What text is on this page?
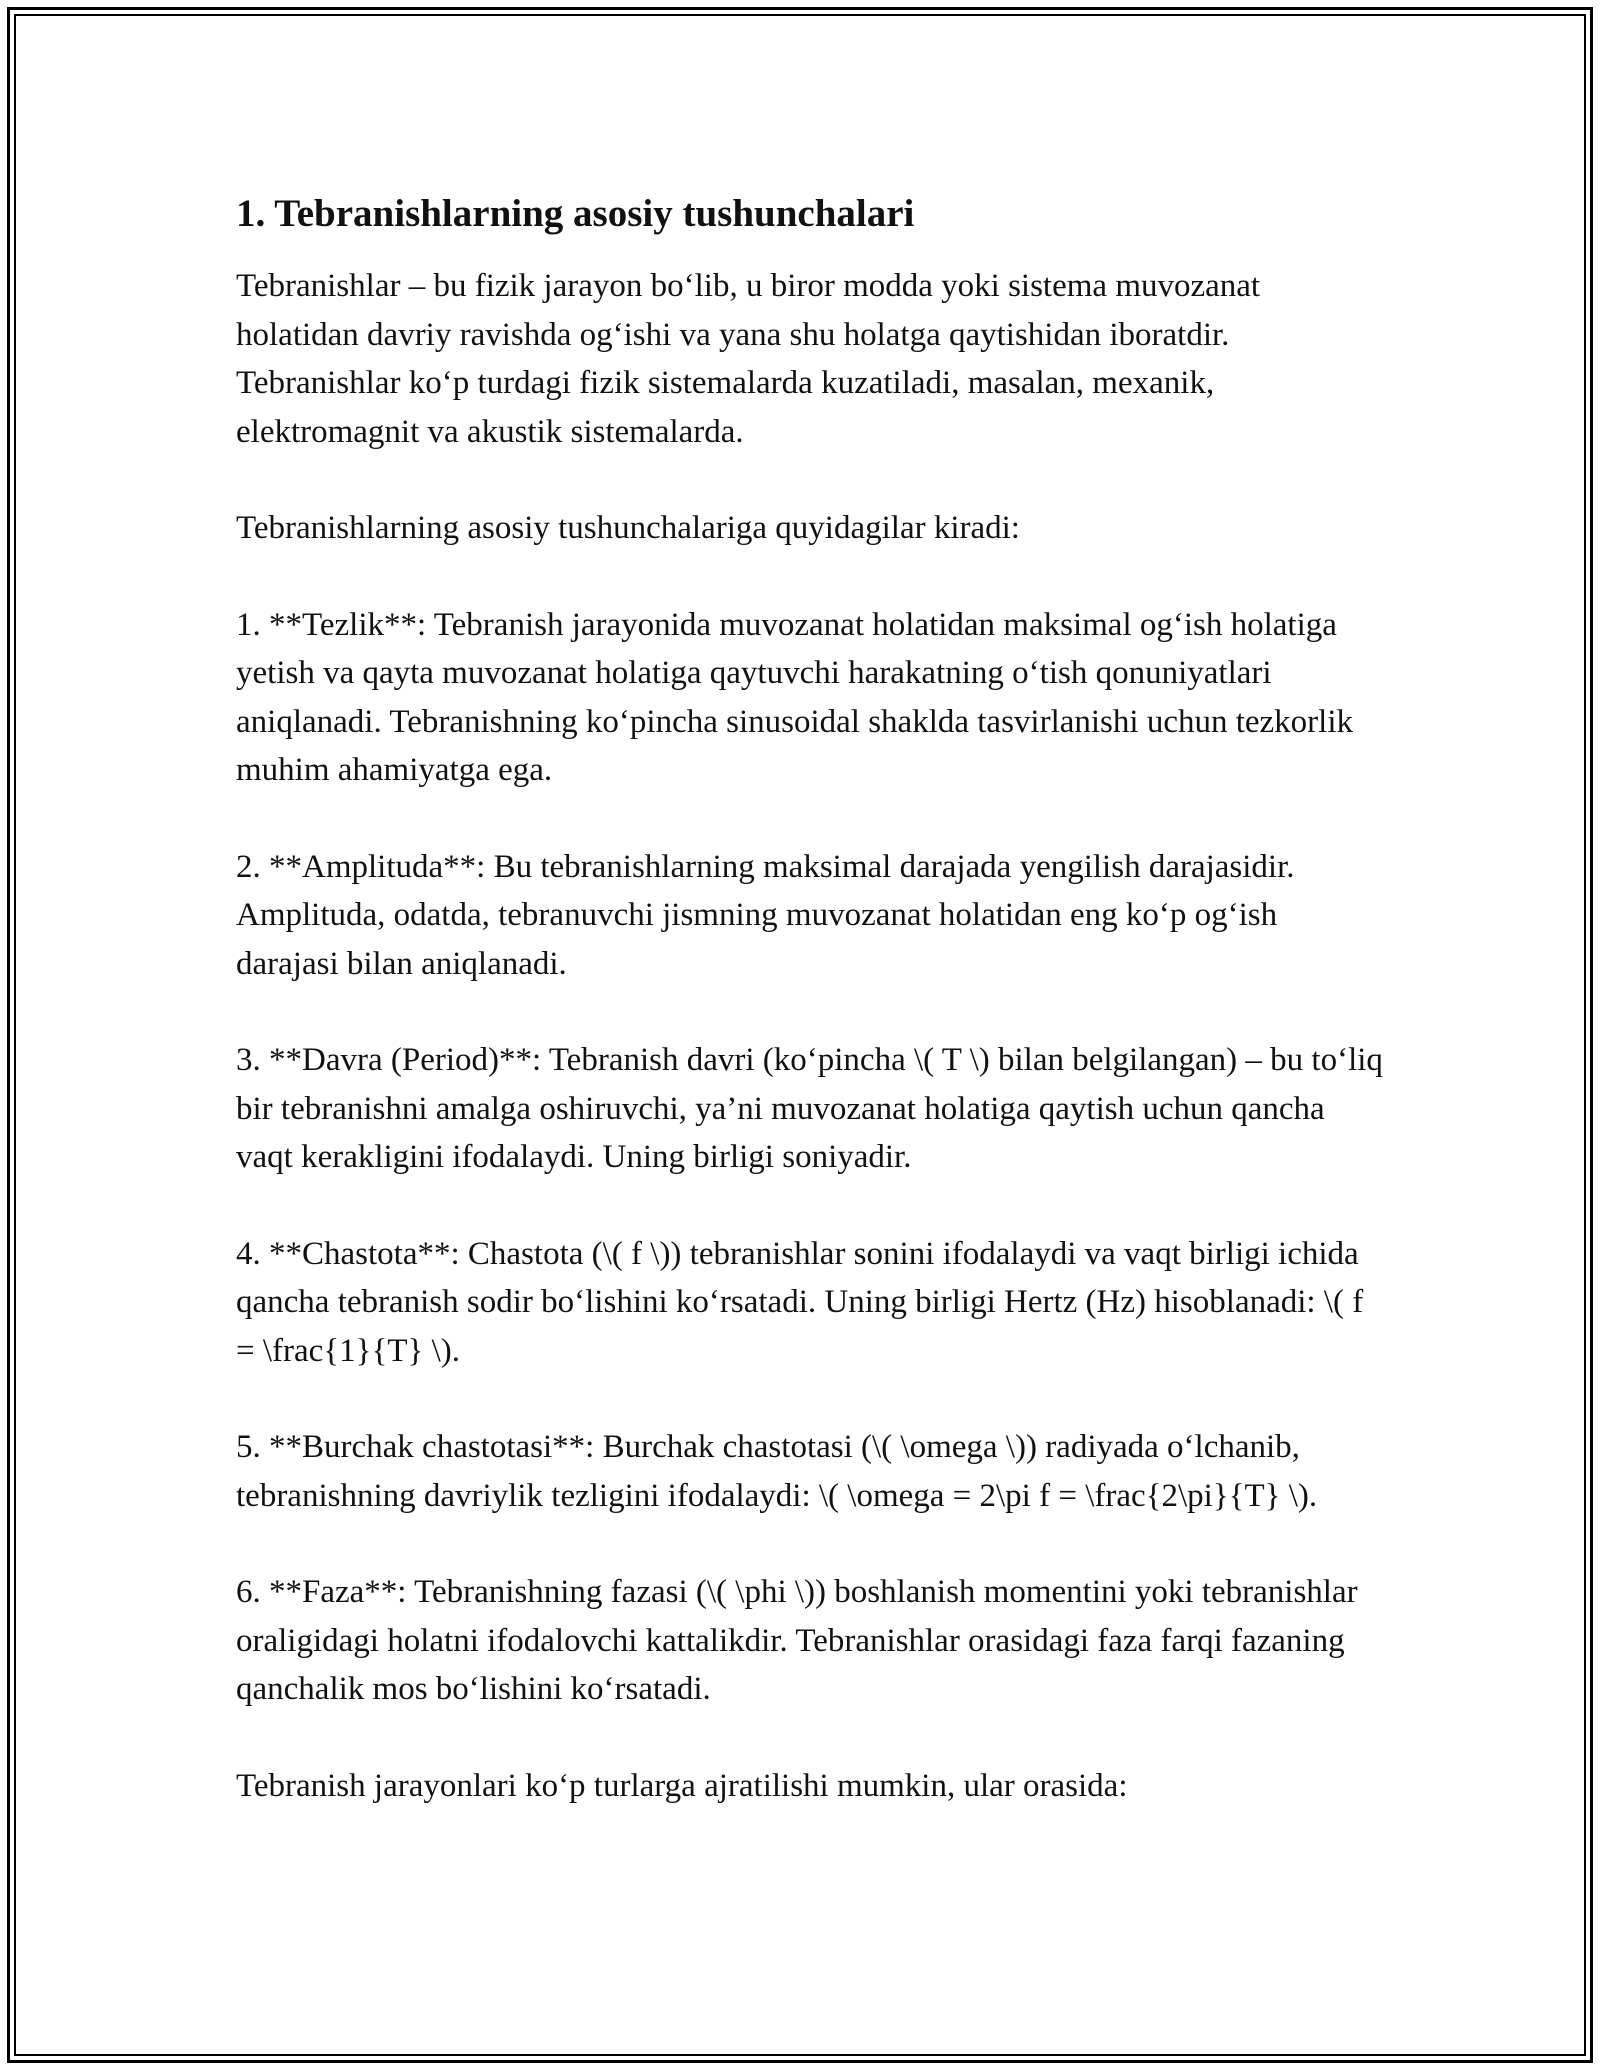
1. Tebranishlarning asosiy tushunchalari

Tebranishlar – bu fizik jarayon bo‘lib, u biror modda yoki sistema muvozanat holatidan davriy ravishda og‘ishi va yana shu holatga qaytishidan iboratdir. Tebranishlar ko‘p turdagi fizik sistemalarda kuzatiladi, masalan, mexanik, elektromagnit va akustik sistemalarda.

Tebranishlarning asosiy tushunchalariga quyidagilar kiradi:

1. **Tezlik**: Tebranish jarayonida muvozanat holatidan maksimal og‘ish holatiga yetish va qayta muvozanat holatiga qaytuvchi harakatning o‘tish qonuniyatlari aniqlanadi. Tebranishning ko‘pincha sinusoidal shaklda tasvirlanishi uchun tezkorlik muhim ahamiyatga ega.

2. **Amplituda**: Bu tebranishlarning maksimal darajada yengilish darajasidir. Amplituda, odatda, tebranuvchi jismning muvozanat holatidan eng ko‘p og‘ish darajasi bilan aniqlanadi.

3. **Davra (Period)**: Tebranish davri (ko‘pincha \( T \) bilan belgilangan) – bu to‘liq bir tebranishni amalga oshiruvchi, ya’ni muvozanat holatiga qaytish uchun qancha vaqt kerakligini ifodalaydi. Uning birligi soniyadir.

4. **Chastota**: Chastota (\( f \)) tebranishlar sonini ifodalaydi va vaqt birligi ichida qancha tebranish sodir bo‘lishini ko‘rsatadi. Uning birligi Hertz (Hz) hisoblanadi: \( f = \frac{1}{T} \).

5. **Burchak chastotasi**: Burchak chastotasi (\( \omega \)) radiyada o‘lchanib, tebranishning davriylik tezligini ifodalaydi: \( \omega = 2\pi f = \frac{2\pi}{T} \).

6. **Faza**: Tebranishning fazasi (\( \phi \)) boshlanish momentini yoki tebranishlar oraligidagi holatni ifodalovchi kattalikdir. Tebranishlar orasidagi faza farqi fazaning qanchalik mos bo‘lishini ko‘rsatadi.

Tebranish jarayonlari ko‘p turlarga ajratilishi mumkin, ular orasida:
